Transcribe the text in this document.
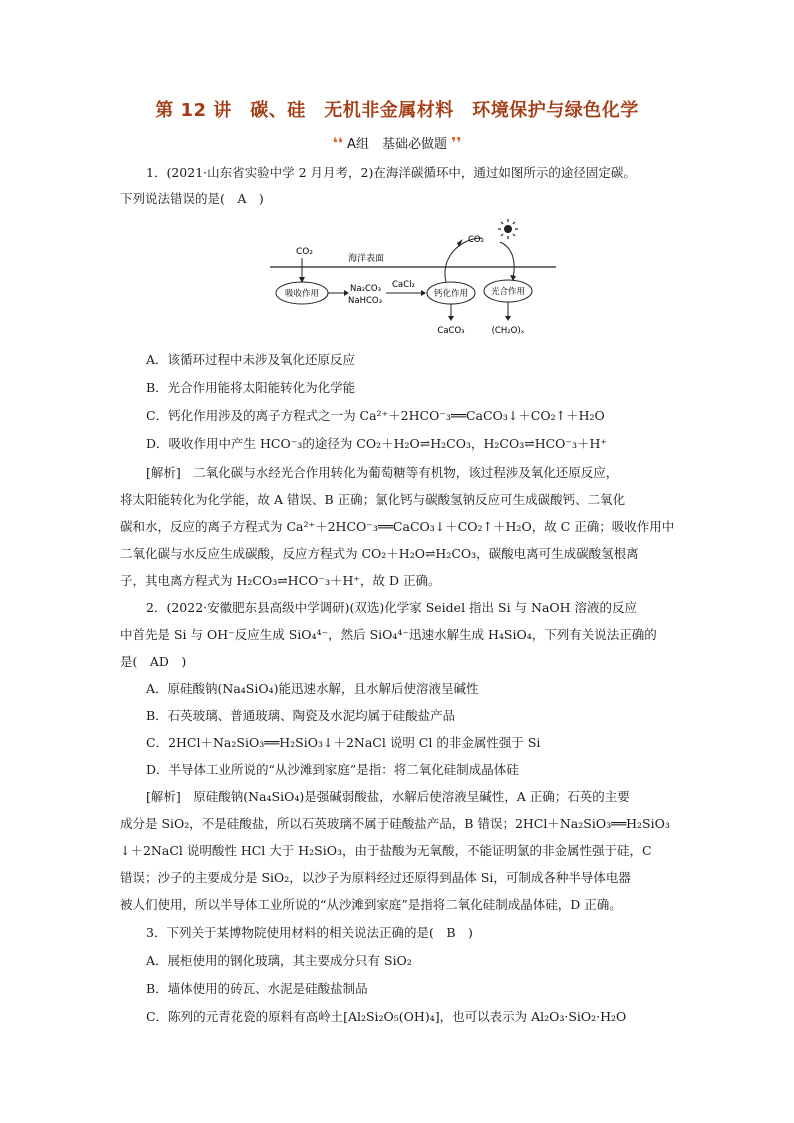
第 12 讲　碳、硅　无机非金属材料　环境保护与绿色化学
❛❛ A组　基础必做题 ❜❜
1．(2021·山东省实验中学 2 月月考，2)在海洋碳循环中，通过如图所示的途径固定碳。
下列说法错误的是(　A　)
海洋表面
CO₂
吸收作用	Na₂CO₃
NaHCO₃
CaCl₂
钙化作用	光合作用
CO₂
CaCO₃	(CH₂O)ₓ
A．该循环过程中未涉及氧化还原反应
B．光合作用能将太阳能转化为化学能
C．钙化作用涉及的离子方程式之一为 Ca²⁺＋2HCO⁻₃══CaCO₃↓＋CO₂↑＋H₂O
D．吸收作用中产生 HCO⁻₃的途径为 CO₂＋H₂O⇌H₂CO₃，H₂CO₃⇌HCO⁻₃＋H⁺
[解析]　二氧化碳与水经光合作用转化为葡萄糖等有机物，该过程涉及氧化还原反应，
将太阳能转化为化学能，故 A 错误、B 正确；氯化钙与碳酸氢钠反应可生成碳酸钙、二氧化
碳和水，反应的离子方程式为 Ca²⁺＋2HCO⁻₃══CaCO₃↓＋CO₂↑＋H₂O，故 C 正确；吸收作用中
二氧化碳与水反应生成碳酸，反应方程式为 CO₂＋H₂O⇌H₂CO₃，碳酸电离可生成碳酸氢根离
子，其电离方程式为 H₂CO₃⇌HCO⁻₃＋H⁺，故 D 正确。
2．(2022·安徽肥东县高级中学调研)(双选)化学家 Seidel 指出 Si 与 NaOH 溶液的反应
中首先是 Si 与 OH⁻反应生成 SiO₄⁴⁻，然后 SiO₄⁴⁻迅速水解生成 H₄SiO₄，下列有关说法正确的
是(　AD　)
A．原硅酸钠(Na₄SiO₄)能迅速水解，且水解后使溶液呈碱性
B．石英玻璃、普通玻璃、陶瓷及水泥均属于硅酸盐产品
C．2HCl＋Na₂SiO₃══H₂SiO₃↓＋2NaCl 说明 Cl 的非金属性强于 Si
D．半导体工业所说的“从沙滩到家庭”是指：将二氧化硅制成晶体硅
[解析]　原硅酸钠(Na₄SiO₄)是强碱弱酸盐，水解后使溶液呈碱性，A 正确；石英的主要
成分是 SiO₂，不是硅酸盐，所以石英玻璃不属于硅酸盐产品，B 错误；2HCl＋Na₂SiO₃══H₂SiO₃
↓＋2NaCl 说明酸性 HCl 大于 H₂SiO₃，由于盐酸为无氧酸，不能证明氯的非金属性强于硅，C
错误；沙子的主要成分是 SiO₂，以沙子为原料经过还原得到晶体 Si，可制成各种半导体电器
被人们使用，所以半导体工业所说的“从沙滩到家庭”是指将二氧化硅制成晶体硅，D 正确。
3．下列关于某博物院使用材料的相关说法正确的是(　B　)
A．展柜使用的钢化玻璃，其主要成分只有 SiO₂
B．墙体使用的砖瓦、水泥是硅酸盐制品
C．陈列的元青花瓷的原料有高岭土[Al₂Si₂O₅(OH)₄]，也可以表示为 Al₂O₃·SiO₂·H₂O
